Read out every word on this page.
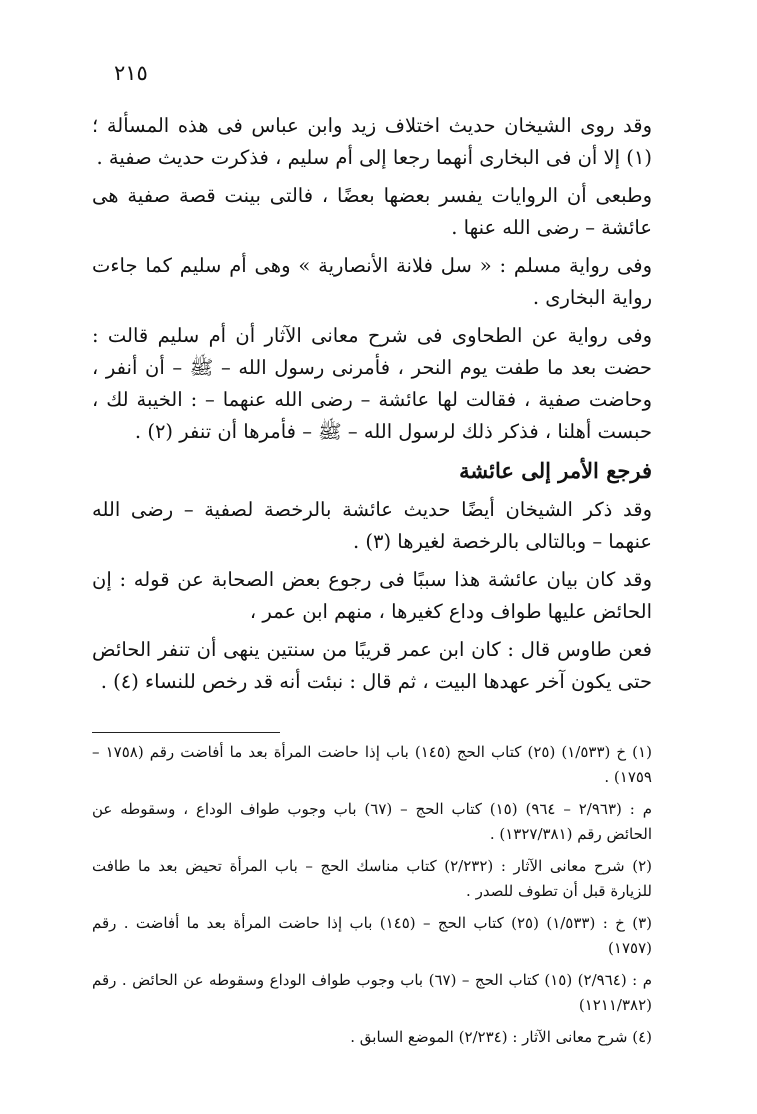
٢١٥

وقد روى الشيخان حديث اختلاف زيد وابن عباس فى هذه المسألة ؛ (١) إلا أن فى البخارى أنهما رجعا إلى أم سليم ، فذكرت حديث صفية .

وطبعى أن الروايات يفسر بعضها بعضًا ، فالتى بينت قصة صفية هى عائشة – رضى الله عنها .

وفى رواية مسلم : « سل فلانة الأنصارية » وهى أم سليم كما جاءت رواية البخارى .

وفى رواية عن الطحاوى فى شرح معانى الآثار أن أم سليم قالت : حضت بعد ما طفت يوم النحر ، فأمرنى رسول الله – ﷺ – أن أنفر ، وحاضت صفية ، فقالت لها عائشة – رضى الله عنهما – : الخيبة لك ، حبست أهلنا ، فذكر ذلك لرسول الله – ﷺ – فأمرها أن تنفر (٢) .

فرجع الأمر إلى عائشة

وقد ذكر الشيخان أيضًا حديث عائشة بالرخصة لصفية – رضى الله عنهما – وبالتالى بالرخصة لغيرها (٣) .

وقد كان بيان عائشة هذا سببًا فى رجوع بعض الصحابة عن قوله : إن الحائض عليها طواف وداع كغيرها ، منهم ابن عمر ،

فعن طاوس قال : كان ابن عمر قريبًا من سنتين ينهى أن تنفر الحائض حتى يكون آخر عهدها البيت ، ثم قال : نبئت أنه قد رخص للنساء (٤) .

(١) خ (١/٥٣٣) (٢٥) كتاب الحج (١٤٥) باب إذا حاضت المرأة بعد ما أفاضت رقم (١٧٥٨ – ١٧٥٩) .

م : (٢/٩٦٣ – ٩٦٤) (١٥) كتاب الحج – (٦٧) باب وجوب طواف الوداع ، وسقوطه عن الحائض رقم (١٣٢٧/٣٨١) .

(٢) شرح معانى الآثار : (٢/٢٣٢) كتاب مناسك الحج – باب المرأة تحيض بعد ما طافت للزيارة قبل أن تطوف للصدر .

(٣) خ : (١/٥٣٣) (٢٥) كتاب الحج – (١٤٥) باب إذا حاضت المرأة بعد ما أفاضت . رقم (١٧٥٧)

م : (٢/٩٦٤) (١٥) كتاب الحج – (٦٧) باب وجوب طواف الوداع وسقوطه عن الحائض . رقم (١٢١١/٣٨٢)

(٤) شرح معانى الآثار : (٢/٢٣٤) الموضع السابق .
